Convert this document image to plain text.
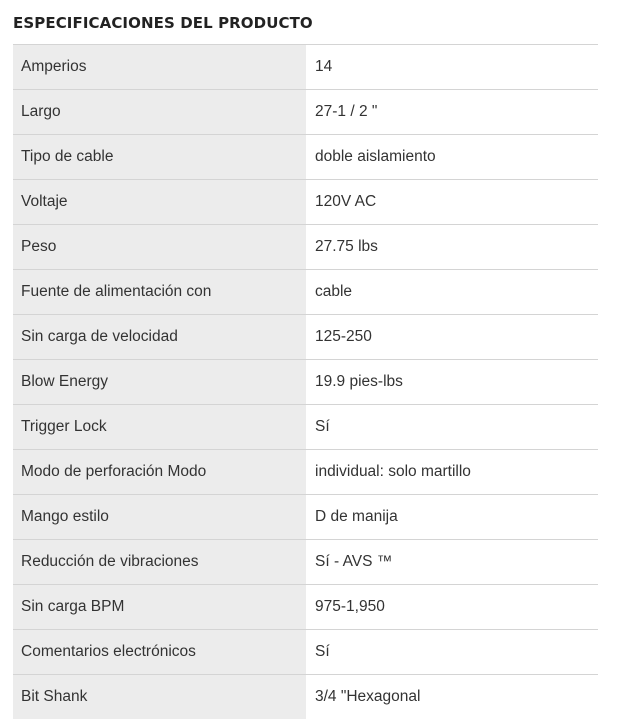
ESPECIFICACIONES DEL PRODUCTO
Amperios	14
Largo	27-1 / 2 "
Tipo de cable	doble aislamiento
Voltaje	120V AC
Peso	27.75 lbs
Fuente de alimentación con	cable
Sin carga de velocidad	125-250
Blow Energy	19.9 pies-lbs
Trigger Lock	Sí
Modo de perforación Modo	individual: solo martillo
Mango estilo	D de manija
Reducción de vibraciones	Sí - AVS ™
Sin carga BPM	975-1,950
Comentarios electrónicos	Sí
Bit Shank	3/4 "Hexagonal
